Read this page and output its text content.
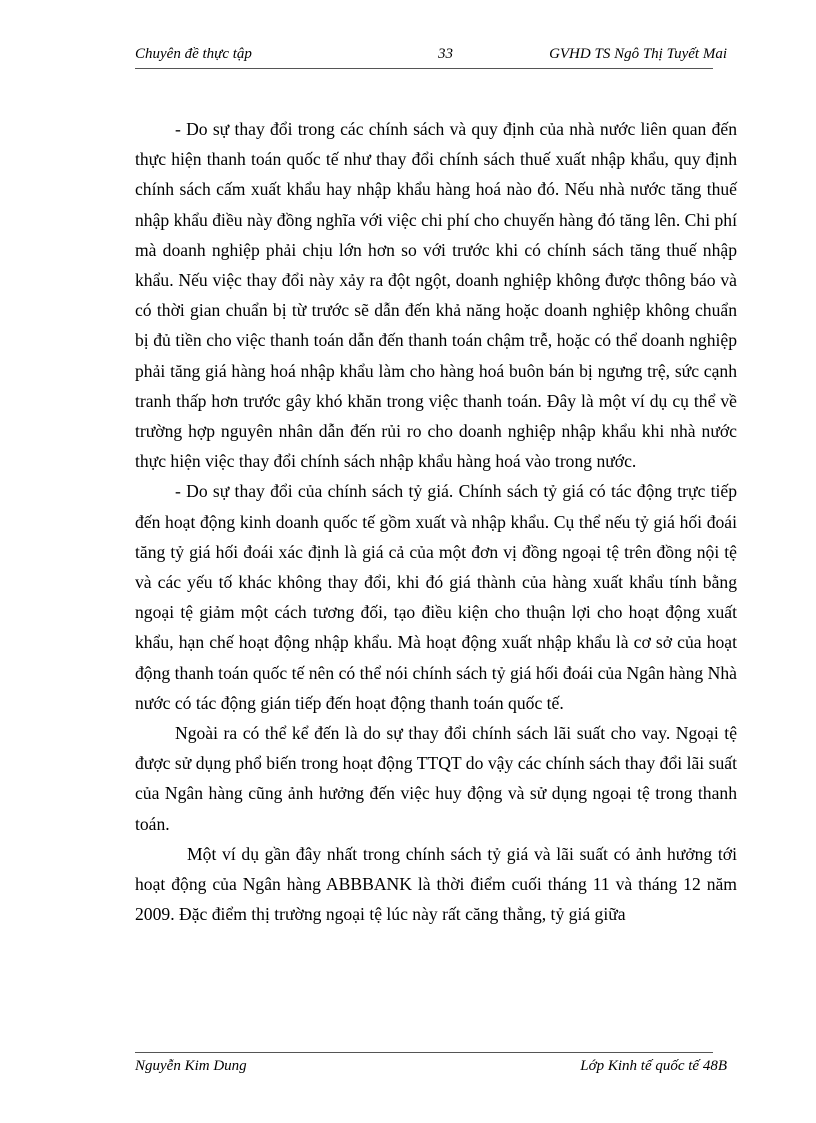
Chuyên đề thực tập	33	GVHD TS Ngô Thị Tuyết Mai

- Do sự thay đổi trong các chính sách và quy định của nhà nước liên quan đến thực hiện thanh toán quốc tế như thay đổi chính sách thuế xuất nhập khẩu, quy định chính sách cấm xuất khẩu hay nhập khẩu hàng hoá nào đó. Nếu nhà nước tăng thuế nhập khẩu điều này đồng nghĩa với việc chi phí cho chuyến hàng đó tăng lên. Chi phí mà doanh nghiệp phải chịu lớn hơn so với trước khi có chính sách tăng thuế nhập khẩu. Nếu việc thay đổi này xảy ra đột ngột, doanh nghiệp không được thông báo và có thời gian chuẩn bị từ trước sẽ dẫn đến khả năng hoặc doanh nghiệp không chuẩn bị đủ tiền cho việc thanh toán dẫn đến thanh toán chậm trễ, hoặc có thể doanh nghiệp phải tăng giá hàng hoá nhập khẩu làm cho hàng hoá buôn bán bị ngưng trệ, sức cạnh tranh thấp hơn trước gây khó khăn trong việc thanh toán. Đây là một ví dụ cụ thể về trường hợp nguyên nhân dẫn đến rủi ro cho doanh nghiệp nhập khẩu khi nhà nước thực hiện việc thay đổi chính sách nhập khẩu hàng hoá vào trong nước.

- Do sự thay đổi của chính sách tỷ giá. Chính sách tỷ giá có tác động trực tiếp đến hoạt động kinh doanh quốc tế gồm xuất và nhập khẩu. Cụ thể nếu tỷ giá hối đoái tăng tỷ giá hối đoái xác định là giá cả của một đơn vị đồng ngoại tệ trên đồng nội tệ và các yếu tố khác không thay đổi, khi đó giá thành của hàng xuất khẩu tính bằng ngoại tệ giảm một cách tương đối, tạo điều kiện cho thuận lợi cho hoạt động xuất khẩu, hạn chế hoạt động nhập khẩu. Mà hoạt động xuất nhập khẩu là cơ sở của hoạt động thanh toán quốc tế nên có thể nói chính sách tỷ giá hối đoái của Ngân hàng Nhà nước có tác động gián tiếp đến hoạt động thanh toán quốc tế.

Ngoài ra có thể kể đến là do sự thay đổi chính sách lãi suất cho vay. Ngoại tệ được sử dụng phổ biến trong hoạt động TTQT do vậy các chính sách thay đổi lãi suất của Ngân hàng cũng ảnh hưởng đến việc huy động và sử dụng ngoại tệ trong thanh toán.

Một ví dụ gần đây nhất trong chính sách tỷ giá và lãi suất có ảnh hưởng tới hoạt động của Ngân hàng ABBBANK là thời điểm cuối tháng 11 và tháng 12 năm 2009. Đặc điểm thị trường ngoại tệ lúc này rất căng thẳng, tỷ giá giữa

Nguyễn Kim Dung	Lớp Kinh tế quốc tế 48B
